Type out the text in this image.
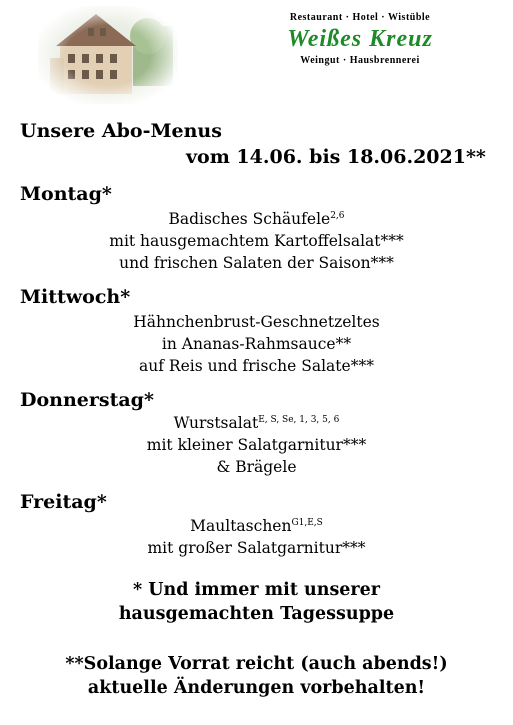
Restaurant · Hotel · Wistüble
Weißes Kreuz
Weingut · Hausbrennerei
Unsere Abo-Menus
vom 14.06. bis 18.06.2021**
Montag*
Badisches Schäufele$^{2,6}$
mit hausgemachtem Kartoffelsalat***
und frischen Salaten der Saison***
Mittwoch*
Hähnchenbrust-Geschnetzeltes
in Ananas-Rahmsauce**
auf Reis und frische Salate***
Donnerstag*
Wurstsalat$^{E, S, Se, 1, 3, 5, 6}$
mit kleiner Salatgarnitur***
& Brägele
Freitag*
Maultaschen$^{G1,E,S}$
mit großer Salatgarnitur***
* Und immer mit unserer
hausgemachten Tagessuppe
**Solange Vorrat reicht (auch abends!)
aktuelle Änderungen vorbehalten!
